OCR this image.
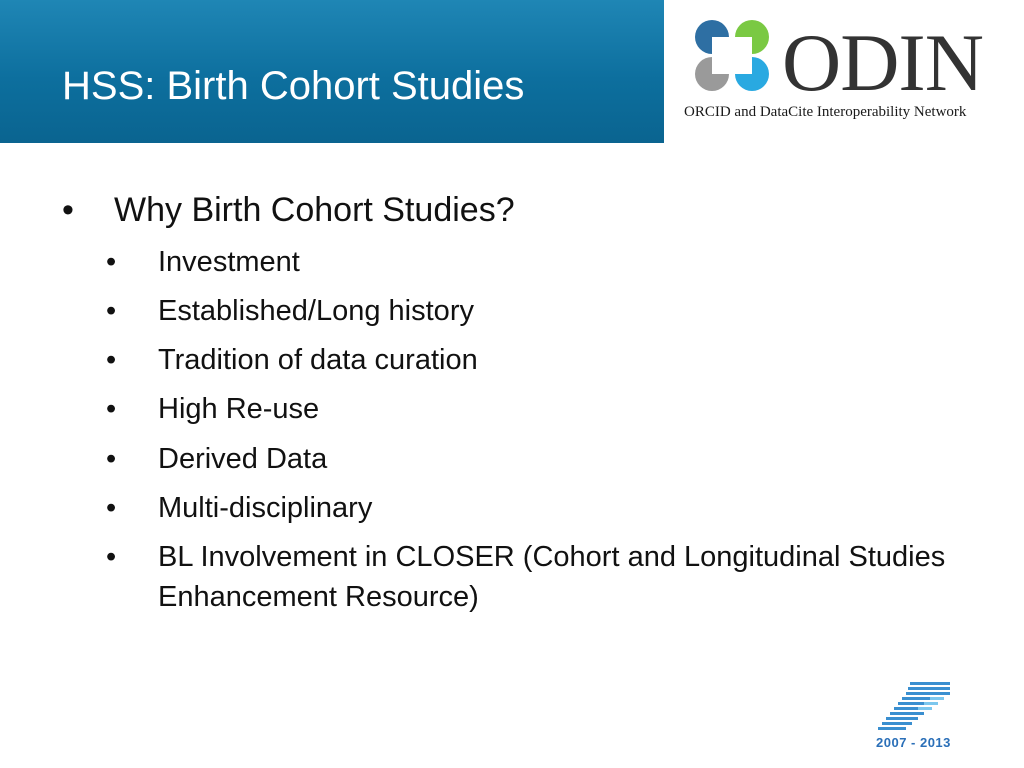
HSS: Birth Cohort Studies	ODIN
ORCID and DataCite Interoperability Network
• Why Birth Cohort Studies?
• Investment
• Established/Long history
• Tradition of data curation
• High Re-use
• Derived Data
• Multi-disciplinary
• BL Involvement in CLOSER (Cohort and Longitudinal Studies Enhancement Resource)
2007 - 2013
